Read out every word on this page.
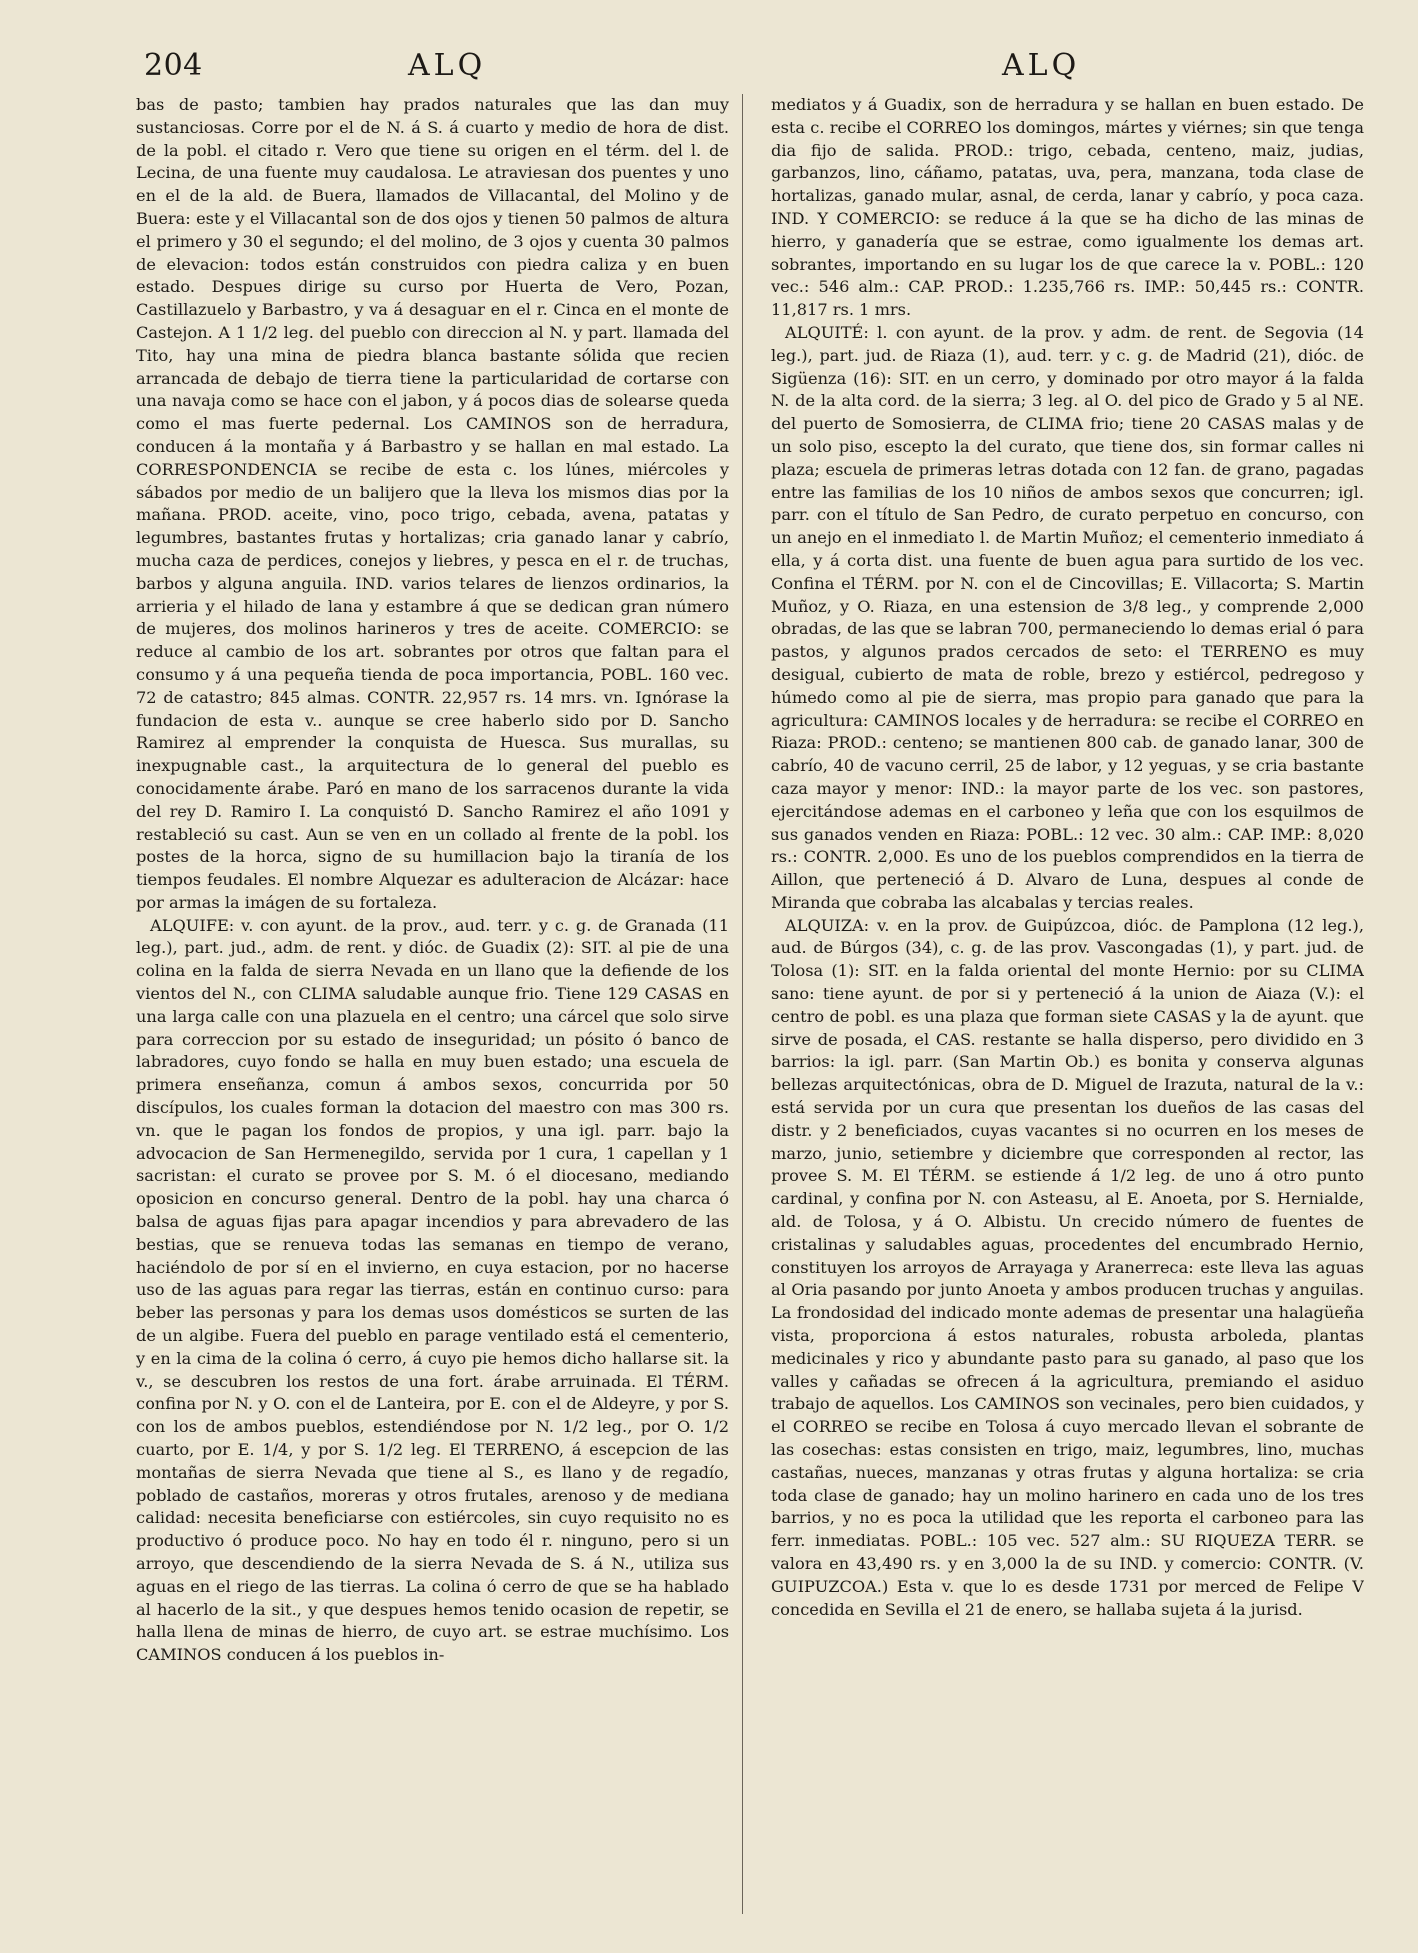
204	ALQ	ALQ

bas de pasto; tambien hay prados naturales que las dan muy sustanciosas. Corre por el de N. á S. á cuarto y medio de hora de dist. de la pobl. el citado r. Vero que tiene su origen en el térm. del l. de Lecina, de una fuente muy caudalosa. Le atraviesan dos puentes y uno en el de la ald. de Buera, llamados de Villacantal, del Molino y de Buera: este y el Villacantal son de dos ojos y tienen 50 palmos de altura el primero y 30 el segundo; el del molino, de 3 ojos y cuenta 30 palmos de elevacion: todos están construidos con piedra caliza y en buen estado. Despues dirige su curso por Huerta de Vero, Pozan, Castillazuelo y Barbastro, y va á desaguar en el r. Cinca en el monte de Castejon. A 1 1/2 leg. del pueblo con direccion al N. y part. llamada del Tito, hay una mina de piedra blanca bastante sólida que recien arrancada de debajo de tierra tiene la particularidad de cortarse con una navaja como se hace con el jabon, y á pocos dias de solearse queda como el mas fuerte pedernal. Los CAMINOS son de herradura, conducen á la montaña y á Barbastro y se hallan en mal estado. La CORRESPONDENCIA se recibe de esta c. los lúnes, miércoles y sábados por medio de un balijero que la lleva los mismos dias por la mañana. PROD. aceite, vino, poco trigo, cebada, avena, patatas y legumbres, bastantes frutas y hortalizas; cria ganado lanar y cabrío, mucha caza de perdices, conejos y liebres, y pesca en el r. de truchas, barbos y alguna anguila. IND. varios telares de lienzos ordinarios, la arrieria y el hilado de lana y estambre á que se dedican gran número de mujeres, dos molinos harineros y tres de aceite. COMERCIO: se reduce al cambio de los art. sobrantes por otros que faltan para el consumo y á una pequeña tienda de poca importancia, POBL. 160 vec. 72 de catastro; 845 almas. CONTR. 22,957 rs. 14 mrs. vn. Ignórase la fundacion de esta v.. aunque se cree haberlo sido por D. Sancho Ramirez al emprender la conquista de Huesca. Sus murallas, su inexpugnable cast., la arquitectura de lo general del pueblo es conocidamente árabe. Paró en mano de los sarracenos durante la vida del rey D. Ramiro I. La conquistó D. Sancho Ramirez el año 1091 y restableció su cast. Aun se ven en un collado al frente de la pobl. los postes de la horca, signo de su humillacion bajo la tiranía de los tiempos feudales. El nombre Alquezar es adulteracion de Alcázar: hace por armas la imágen de su fortaleza.

ALQUIFE: v. con ayunt. de la prov., aud. terr. y c. g. de Granada (11 leg.), part. jud., adm. de rent. y dióc. de Guadix (2): SIT. al pie de una colina en la falda de sierra Nevada en un llano que la defiende de los vientos del N., con CLIMA saludable aunque frio. Tiene 129 CASAS en una larga calle con una plazuela en el centro; una cárcel que solo sirve para correccion por su estado de inseguridad; un pósito ó banco de labradores, cuyo fondo se halla en muy buen estado; una escuela de primera enseñanza, comun á ambos sexos, concurrida por 50 discípulos, los cuales forman la dotacion del maestro con mas 300 rs. vn. que le pagan los fondos de propios, y una igl. parr. bajo la advocacion de San Hermenegildo, servida por 1 cura, 1 capellan y 1 sacristan: el curato se provee por S. M. ó el diocesano, mediando oposicion en concurso general. Dentro de la pobl. hay una charca ó balsa de aguas fijas para apagar incendios y para abrevadero de las bestias, que se renueva todas las semanas en tiempo de verano, haciéndolo de por sí en el invierno, en cuya estacion, por no hacerse uso de las aguas para regar las tierras, están en continuo curso: para beber las personas y para los demas usos domésticos se surten de las de un algibe. Fuera del pueblo en parage ventilado está el cementerio, y en la cima de la colina ó cerro, á cuyo pie hemos dicho hallarse sit. la v., se descubren los restos de una fort. árabe arruinada. El TÉRM. confina por N. y O. con el de Lanteira, por E. con el de Aldeyre, y por S. con los de ambos pueblos, estendiéndose por N. 1/2 leg., por O. 1/2 cuarto, por E. 1/4, y por S. 1/2 leg. El TERRENO, á escepcion de las montañas de sierra Nevada que tiene al S., es llano y de regadío, poblado de castaños, moreras y otros frutales, arenoso y de mediana calidad: necesita beneficiarse con estiércoles, sin cuyo requisito no es productivo ó produce poco. No hay en todo él r. ninguno, pero si un arroyo, que descendiendo de la sierra Nevada de S. á N., utiliza sus aguas en el riego de las tierras. La colina ó cerro de que se ha hablado al hacerlo de la sit., y que despues hemos tenido ocasion de repetir, se halla llena de minas de hierro, de cuyo art. se estrae muchísimo. Los CAMINOS conducen á los pueblos in-

mediatos y á Guadix, son de herradura y se hallan en buen estado. De esta c. recibe el CORREO los domingos, mártes y viérnes; sin que tenga dia fijo de salida. PROD.: trigo, cebada, centeno, maiz, judias, garbanzos, lino, cáñamo, patatas, uva, pera, manzana, toda clase de hortalizas, ganado mular, asnal, de cerda, lanar y cabrío, y poca caza. IND. Y COMERCIO: se reduce á la que se ha dicho de las minas de hierro, y ganadería que se estrae, como igualmente los demas art. sobrantes, importando en su lugar los de que carece la v. POBL.: 120 vec.: 546 alm.: CAP. PROD.: 1.235,766 rs. IMP.: 50,445 rs.: CONTR. 11,817 rs. 1 mrs.

ALQUITÉ: l. con ayunt. de la prov. y adm. de rent. de Segovia (14 leg.), part. jud. de Riaza (1), aud. terr. y c. g. de Madrid (21), dióc. de Sigüenza (16): SIT. en un cerro, y dominado por otro mayor á la falda N. de la alta cord. de la sierra; 3 leg. al O. del pico de Grado y 5 al NE. del puerto de Somosierra, de CLIMA frio; tiene 20 CASAS malas y de un solo piso, escepto la del curato, que tiene dos, sin formar calles ni plaza; escuela de primeras letras dotada con 12 fan. de grano, pagadas entre las familias de los 10 niños de ambos sexos que concurren; igl. parr. con el título de San Pedro, de curato perpetuo en concurso, con un anejo en el inmediato l. de Martin Muñoz; el cementerio inmediato á ella, y á corta dist. una fuente de buen agua para surtido de los vec. Confina el TÉRM. por N. con el de Cincovillas; E. Villacorta; S. Martin Muñoz, y O. Riaza, en una estension de 3/8 leg., y comprende 2,000 obradas, de las que se labran 700, permaneciendo lo demas erial ó para pastos, y algunos prados cercados de seto: el TERRENO es muy desigual, cubierto de mata de roble, brezo y estiércol, pedregoso y húmedo como al pie de sierra, mas propio para ganado que para la agricultura: CAMINOS locales y de herradura: se recibe el CORREO en Riaza: PROD.: centeno; se mantienen 800 cab. de ganado lanar, 300 de cabrío, 40 de vacuno cerril, 25 de labor, y 12 yeguas, y se cria bastante caza mayor y menor: IND.: la mayor parte de los vec. son pastores, ejercitándose ademas en el carboneo y leña que con los esquilmos de sus ganados venden en Riaza: POBL.: 12 vec. 30 alm.: CAP. IMP.: 8,020 rs.: CONTR. 2,000. Es uno de los pueblos comprendidos en la tierra de Aillon, que perteneció á D. Alvaro de Luna, despues al conde de Miranda que cobraba las alcabalas y tercias reales.

ALQUIZA: v. en la prov. de Guipúzcoa, dióc. de Pamplona (12 leg.), aud. de Búrgos (34), c. g. de las prov. Vascongadas (1), y part. jud. de Tolosa (1): SIT. en la falda oriental del monte Hernio: por su CLIMA sano: tiene ayunt. de por si y perteneció á la union de Aiaza (V.): el centro de pobl. es una plaza que forman siete CASAS y la de ayunt. que sirve de posada, el CAS. restante se halla disperso, pero dividido en 3 barrios: la igl. parr. (San Martin Ob.) es bonita y conserva algunas bellezas arquitectónicas, obra de D. Miguel de Irazuta, natural de la v.: está servida por un cura que presentan los dueños de las casas del distr. y 2 beneficiados, cuyas vacantes si no ocurren en los meses de marzo, junio, setiembre y diciembre que corresponden al rector, las provee S. M. El TÉRM. se estiende á 1/2 leg. de uno á otro punto cardinal, y confina por N. con Asteasu, al E. Anoeta, por S. Hernialde, ald. de Tolosa, y á O. Albistu. Un crecido número de fuentes de cristalinas y saludables aguas, procedentes del encumbrado Hernio, constituyen los arroyos de Arrayaga y Aranerreca: este lleva las aguas al Oria pasando por junto Anoeta y ambos producen truchas y anguilas. La frondosidad del indicado monte ademas de presentar una halagüeña vista, proporciona á estos naturales, robusta arboleda, plantas medicinales y rico y abundante pasto para su ganado, al paso que los valles y cañadas se ofrecen á la agricultura, premiando el asiduo trabajo de aquellos. Los CAMINOS son vecinales, pero bien cuidados, y el CORREO se recibe en Tolosa á cuyo mercado llevan el sobrante de las cosechas: estas consisten en trigo, maiz, legumbres, lino, muchas castañas, nueces, manzanas y otras frutas y alguna hortaliza: se cria toda clase de ganado; hay un molino harinero en cada uno de los tres barrios, y no es poca la utilidad que les reporta el carboneo para las ferr. inmediatas. POBL.: 105 vec. 527 alm.: SU RIQUEZA TERR. se valora en 43,490 rs. y en 3,000 la de su IND. y comercio: CONTR. (V. GUIPUZCOA.) Esta v. que lo es desde 1731 por merced de Felipe V concedida en Sevilla el 21 de enero, se hallaba sujeta á la jurisd.
